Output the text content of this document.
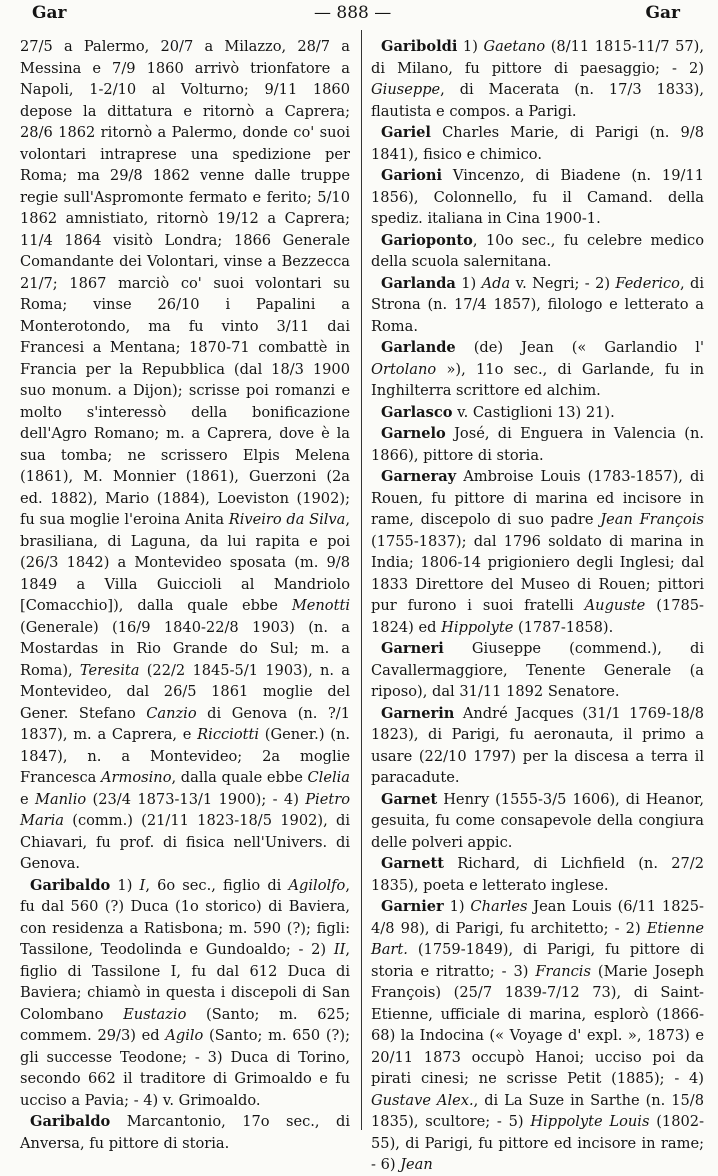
Gar	— 888 —	Gar

27/5 a Palermo, 20/7 a Milazzo, 28/7 a Messina e 7/9 1860 arrivò trionfatore a Napoli, 1-2/10 al Volturno; 9/11 1860 depose la dittatura e ritornò a Caprera; 28/6 1862 ritornò a Palermo, donde co' suoi volontari intraprese una spedizione per Roma; ma 29/8 1862 venne dalle truppe regie sull'Aspromonte fermato e ferito; 5/10 1862 amnistiato, ritornò 19/12 a Caprera; 11/4 1864 visitò Londra; 1866 Generale Comandante dei Volontari, vinse a Bezzecca 21/7; 1867 marciò co' suoi volontari su Roma; vinse 26/10 i Papalini a Monterotondo, ma fu vinto 3/11 dai Francesi a Mentana; 1870-71 combattè in Francia per la Repubblica (dal 18/3 1900 suo monum. a Dijon); scrisse poi romanzi e molto s'interessò della bonificazione dell'Agro Romano; m. a Caprera, dove è la sua tomba; ne scrissero Elpis Melena (1861), M. Monnier (1861), Guerzoni (2a ed. 1882), Mario (1884), Loeviston (1902); fu sua moglie l'eroina Anita Riveiro da Silva, brasiliana, di Laguna, da lui rapita e poi (26/3 1842) a Montevideo sposata (m. 9/8 1849 a Villa Guiccioli al Mandriolo [Comacchio]), dalla quale ebbe Menotti (Generale) (16/9 1840-22/8 1903) (n. a Mostardas in Rio Grande do Sul; m. a Roma), Teresita (22/2 1845-5/1 1903), n. a Montevideo, dal 26/5 1861 moglie del Gener. Stefano Canzio di Genova (n. ?/1 1837), m. a Caprera, e Ricciotti (Gener.) (n. 1847), n. a Montevideo; 2a moglie Francesca Armosino, dalla quale ebbe Clelia e Manlio (23/4 1873-13/1 1900); - 4) Pietro Maria (comm.) (21/11 1823-18/5 1902), di Chiavari, fu prof. di fisica nell'Univers. di Genova.

Garibaldo 1) I, 6o sec., figlio di Agilolfo, fu dal 560 (?) Duca (1o storico) di Baviera, con residenza a Ratisbona; m. 590 (?); figli: Tassilone, Teodolinda e Gundoaldo; - 2) II, figlio di Tassilone I, fu dal 612 Duca di Baviera; chiamò in questa i discepoli di San Colombano Eustazio (Santo; m. 625; commem. 29/3) ed Agilo (Santo; m. 650 (?); gli successe Teodone; - 3) Duca di Torino, secondo 662 il traditore di Grimoaldo e fu ucciso a Pavia; - 4) v. Grimoaldo.

Garibaldo Marcantonio, 17o sec., di Anversa, fu pittore di storia.

Gariboldi 1) Gaetano (8/11 1815-11/7 57), di Milano, fu pittore di paesaggio; - 2) Giuseppe, di Macerata (n. 17/3 1833), flautista e compos. a Parigi.

Gariel Charles Marie, di Parigi (n. 9/8 1841), fisico e chimico.

Garioni Vincenzo, di Biadene (n. 19/11 1856), Colonnello, fu il Camand. della spediz. italiana in Cina 1900-1.

Garioponto, 10o sec., fu celebre medico della scuola salernitana.

Garlanda 1) Ada v. Negri; - 2) Federico, di Strona (n. 17/4 1857), filologo e letterato a Roma.

Garlande (de) Jean (« Garlandio l' Ortolano »), 11o sec., di Garlande, fu in Inghilterra scrittore ed alchim.

Garlasco v. Castiglioni 13) 21).

Garnelo José, di Enguera in Valencia (n. 1866), pittore di storia.

Garneray Ambroise Louis (1783-1857), di Rouen, fu pittore di marina ed incisore in rame, discepolo di suo padre Jean François (1755-1837); dal 1796 soldato di marina in India; 1806-14 prigioniero degli Inglesi; dal 1833 Direttore del Museo di Rouen; pittori pur furono i suoi fratelli Auguste (1785-1824) ed Hippolyte (1787-1858).

Garneri Giuseppe (commend.), di Cavallermaggiore, Tenente Generale (a riposo), dal 31/11 1892 Senatore.

Garnerin André Jacques (31/1 1769-18/8 1823), di Parigi, fu aeronauta, il primo a usare (22/10 1797) per la discesa a terra il paracadute.

Garnet Henry (1555-3/5 1606), di Heanor, gesuita, fu come consapevole della congiura delle polveri appic.

Garnett Richard, di Lichfield (n. 27/2 1835), poeta e letterato inglese.

Garnier 1) Charles Jean Louis (6/11 1825-4/8 98), di Parigi, fu architetto; - 2) Etienne Bart. (1759-1849), di Parigi, fu pittore di storia e ritratto; - 3) Francis (Marie Joseph François) (25/7 1839-7/12 73), di Saint-Etienne, ufficiale di marina, esplorò (1866-68) la Indocina (« Voyage d' expl. », 1873) e 20/11 1873 occupò Hanoi; ucciso poi da pirati cinesi; ne scrisse Petit (1885); - 4) Gustave Alex., di La Suze in Sarthe (n. 15/8 1835), scultore; - 5) Hippolyte Louis (1802-55), di Parigi, fu pittore ed incisore in rame; - 6) Jean
